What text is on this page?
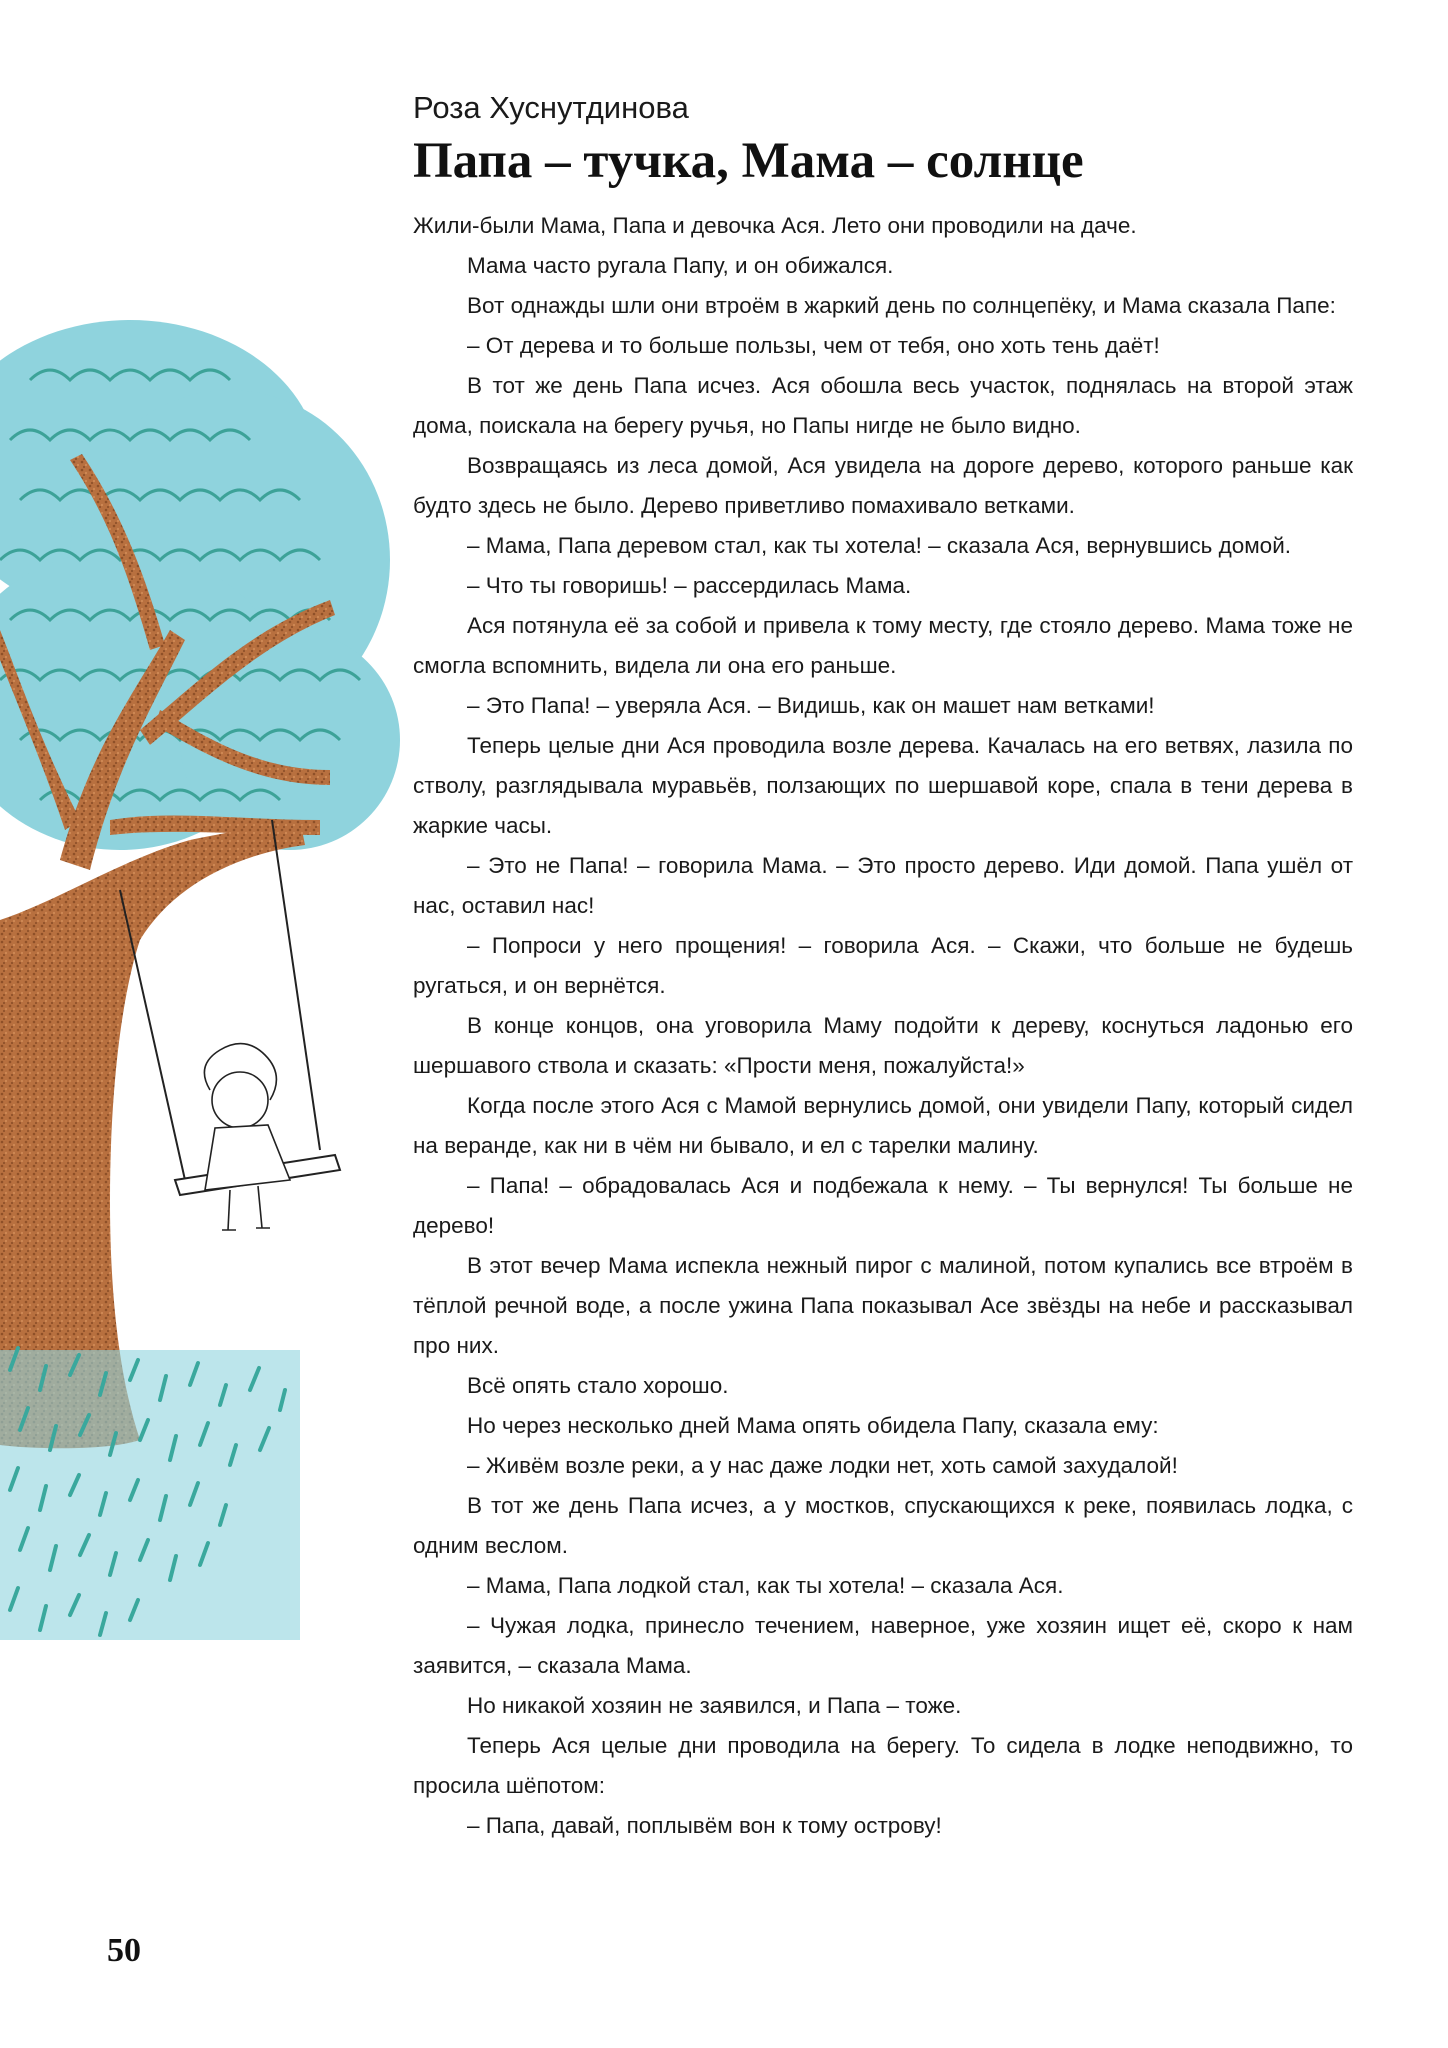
Роза Хуснутдинова
Папа – тучка, Мама – солнце

Жили-были Мама, Папа и девочка Ася. Лето они проводили на даче.

Мама часто ругала Папу, и он обижался.

Вот однажды шли они втроём в жаркий день по солнцепёку, и Мама сказала Папе:

– От дерева и то больше пользы, чем от тебя, оно хоть тень даёт!

В тот же день Папа исчез. Ася обошла весь участок, поднялась на второй этаж дома, поискала на берегу ручья, но Папы нигде не было видно.

Возвращаясь из леса домой, Ася увидела на дороге дерево, которого раньше как будто здесь не было. Дерево приветливо помахивало ветками.

– Мама, Папа деревом стал, как ты хотела! – сказала Ася, вернувшись домой.

– Что ты говоришь! – рассердилась Мама.

Ася потянула её за собой и привела к тому месту, где стояло дерево. Мама тоже не смогла вспомнить, видела ли она его раньше.

– Это Папа! – уверяла Ася. – Видишь, как он машет нам ветками!

Теперь целые дни Ася проводила возле дерева. Качалась на его ветвях, лазила по стволу, разглядывала муравьёв, ползающих по шершавой коре, спала в тени дерева в жаркие часы.

– Это не Папа! – говорила Мама. – Это просто дерево. Иди домой. Папа ушёл от нас, оставил нас!

– Попроси у него прощения! – говорила Ася. – Скажи, что больше не будешь ругаться, и он вернётся.

В конце концов, она уговорила Маму подойти к дереву, коснуться ладонью его шершавого ствола и сказать: «Прости меня, пожалуйста!»

Когда после этого Ася с Мамой вернулись домой, они увидели Папу, который сидел на веранде, как ни в чём ни бывало, и ел с тарелки малину.

– Папа! – обрадовалась Ася и подбежала к нему. – Ты вернулся! Ты больше не дерево!

В этот вечер Мама испекла нежный пирог с малиной, потом купались все втроём в тёплой речной воде, а после ужина Папа показывал Асе звёзды на небе и рассказывал про них.

Всё опять стало хорошо.

Но через несколько дней Мама опять обидела Папу, сказала ему:

– Живём возле реки, а у нас даже лодки нет, хоть самой захудалой!

В тот же день Папа исчез, а у мостков, спускающихся к реке, появилась лодка, с одним веслом.

– Мама, Папа лодкой стал, как ты хотела! – сказала Ася.

– Чужая лодка, принесло течением, наверное, уже хозяин ищет её, скоро к нам заявится, – сказала Мама.

Но никакой хозяин не заявился, и Папа – тоже.

Теперь Ася целые дни проводила на берегу. То сидела в лодке неподвижно, то просила шёпотом:

– Папа, давай, поплывём вон к тому острову!

50
